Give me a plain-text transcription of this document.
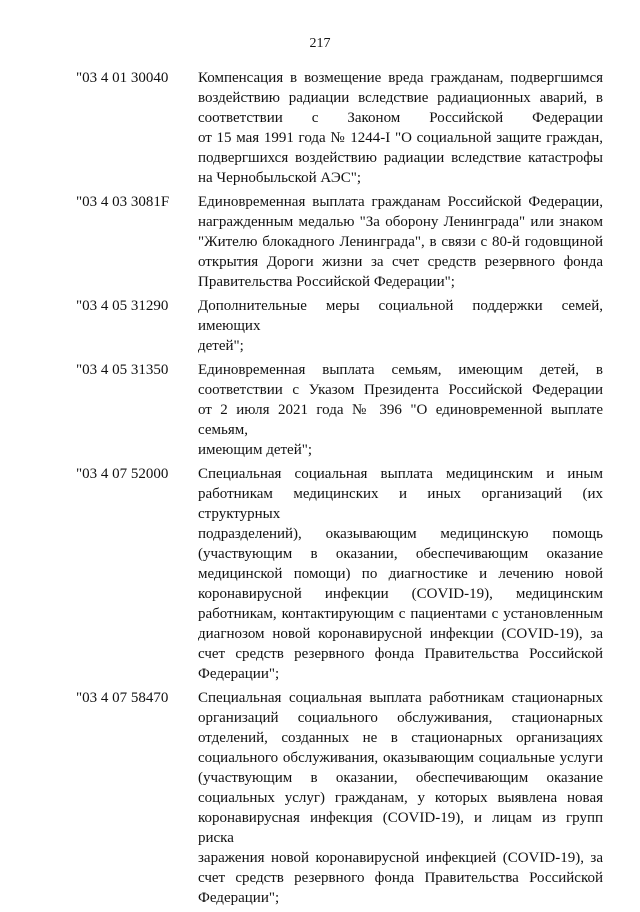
217
"03 4 01 30040	Компенсация в возмещение вреда гражданам, подвергшимся
воздействию радиации вследствие радиационных аварий, в
соответствии с Законом Российской Федерации
от 15 мая 1991 года № 1244-I "О социальной защите граждан,
подвергшихся воздействию радиации вследствие катастрофы
на Чернобыльской АЭС";
"03 4 03 3081F	Единовременная выплата гражданам Российской Федерации,
награжденным медалью "За оборону Ленинграда" или знаком
"Жителю блокадного Ленинграда", в связи с 80-й годовщиной
открытия Дороги жизни за счет средств резервного фонда
Правительства Российской Федерации";
"03 4 05 31290	Дополнительные меры социальной поддержки семей, имеющих
детей";
"03 4 05 31350	Единовременная выплата семьям, имеющим детей, в
соответствии с Указом Президента Российской Федерации
от 2 июля 2021 года № 396 "О единовременной выплате семьям,
имеющим детей";
"03 4 07 52000	Специальная социальная выплата медицинским и иным
работникам медицинских и иных организаций (их структурных
подразделений), оказывающим медицинскую помощь
(участвующим в оказании, обеспечивающим оказание
медицинской помощи) по диагностике и лечению новой
коронавирусной инфекции (COVID-19), медицинским
работникам, контактирующим с пациентами с установленным
диагнозом новой коронавирусной инфекции (COVID-19), за
счет средств резервного фонда Правительства Российской
Федерации";
"03 4 07 58470	Специальная социальная выплата работникам стационарных
организаций социального обслуживания, стационарных
отделений, созданных не в стационарных организациях
социального обслуживания, оказывающим социальные услуги
(участвующим в оказании, обеспечивающим оказание
социальных услуг) гражданам, у которых выявлена новая
коронавирусная инфекция (COVID-19), и лицам из групп риска
заражения новой коронавирусной инфекцией (COVID-19), за
счет средств резервного фонда Правительства Российской
Федерации";
